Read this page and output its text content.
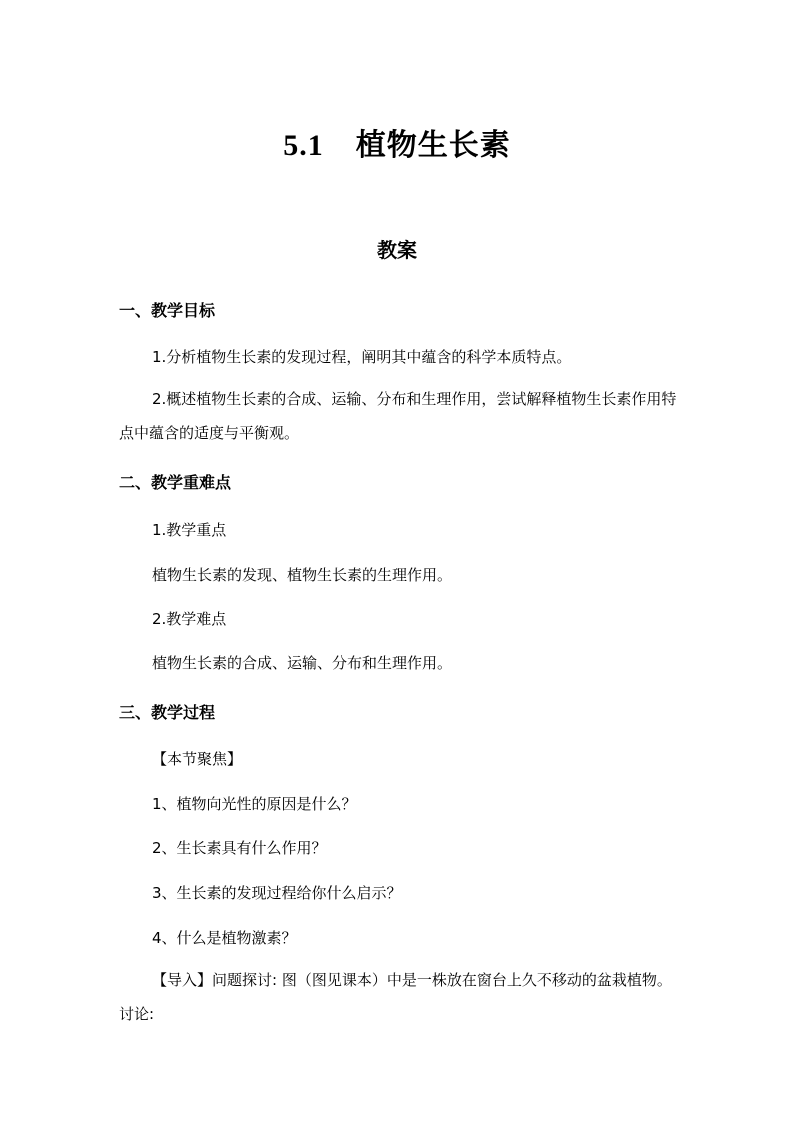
5.1 植物生长素
教案
一、教学目标
1.分析植物生长素的发现过程，阐明其中蕴含的科学本质特点。
2.概述植物生长素的合成、运输、分布和生理作用，尝试解释植物生长素作用特点中蕴含的适度与平衡观。
二、教学重难点
1.教学重点
植物生长素的发现、植物生长素的生理作用。
2.教学难点
植物生长素的合成、运输、分布和生理作用。
三、教学过程
【本节聚焦】
1、植物向光性的原因是什么？
2、生长素具有什么作用？
3、生长素的发现过程给你什么启示？
4、什么是植物激素？
【导入】问题探讨: 图（图见课本）中是一株放在窗台上久不移动的盆栽植物。讨论:
